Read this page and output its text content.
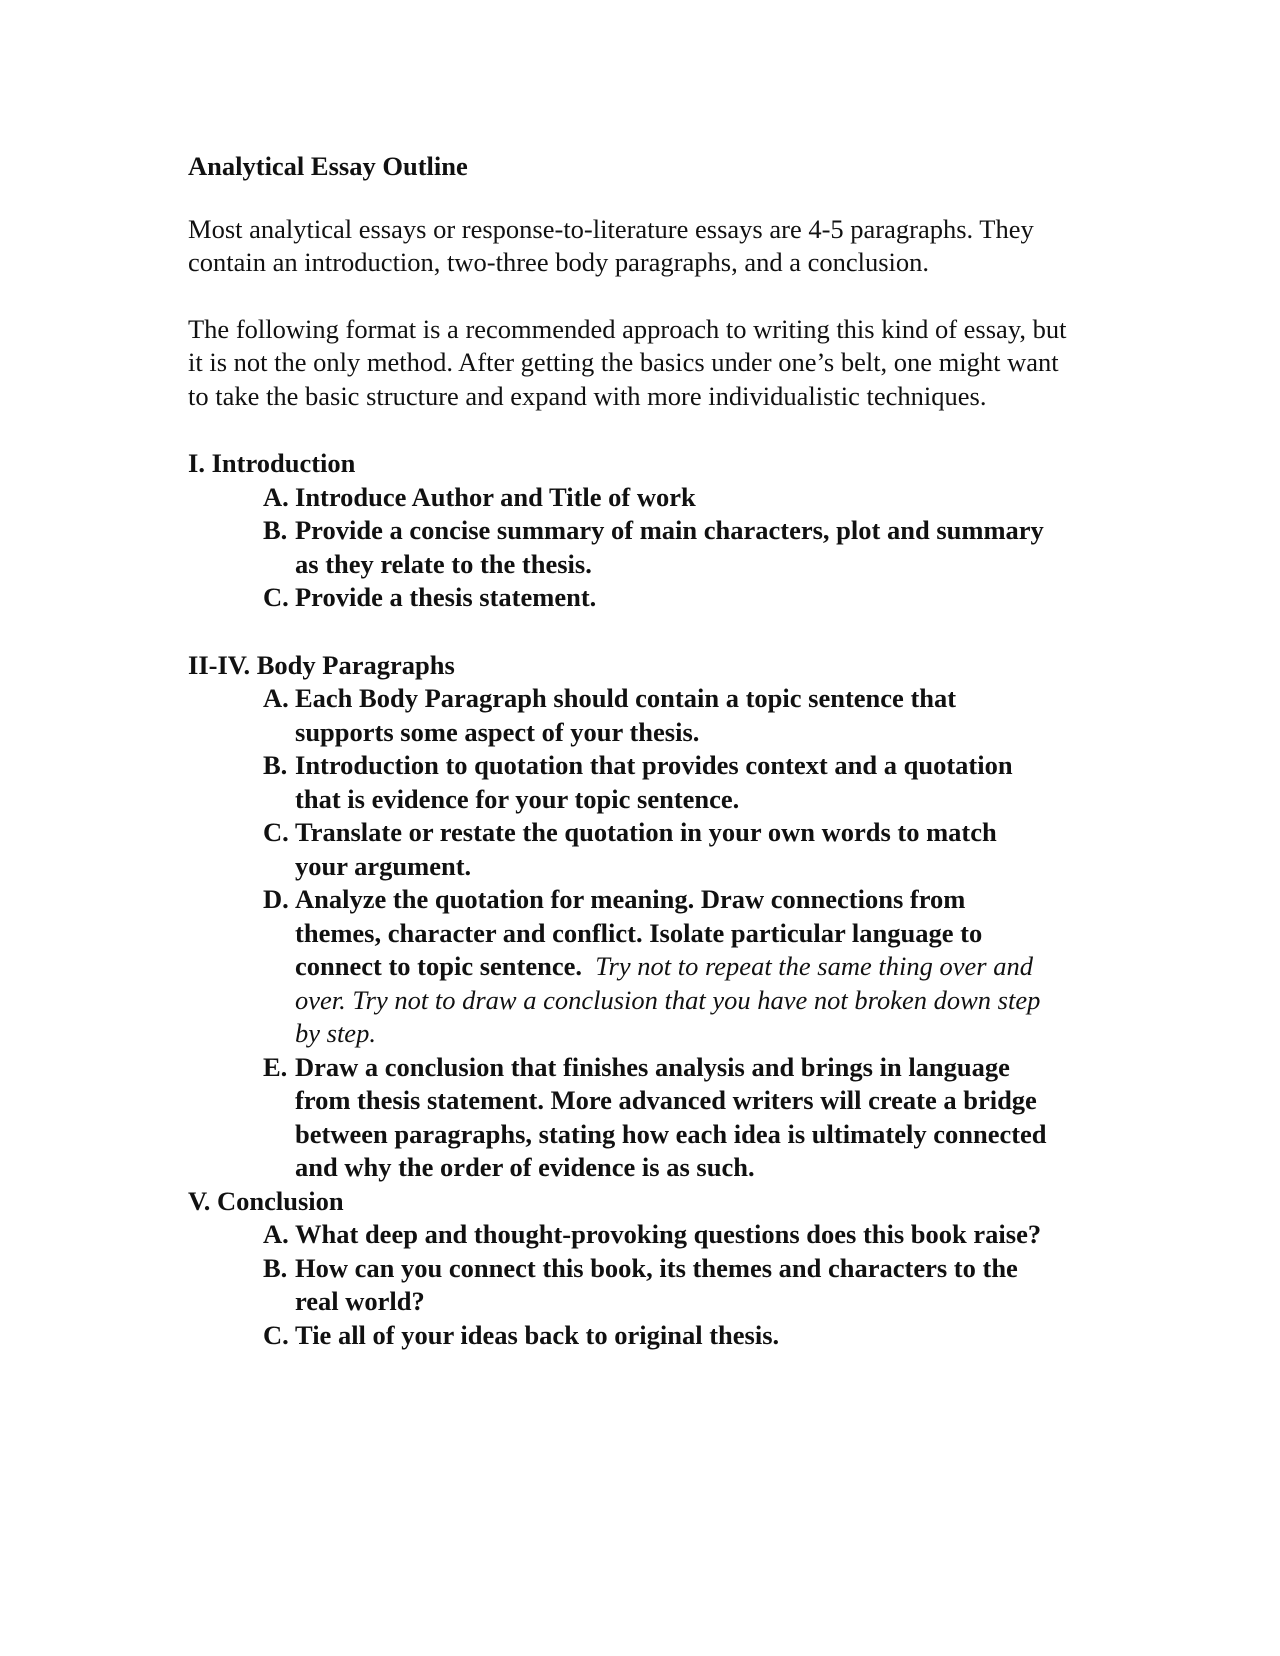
Analytical Essay Outline

Most analytical essays or response-to-literature essays are 4-5 paragraphs. They contain an introduction, two-three body paragraphs, and a conclusion.

The following format is a recommended approach to writing this kind of essay, but it is not the only method. After getting the basics under one’s belt, one might want to take the basic structure and expand with more individualistic techniques.

I. Introduction
A. Introduce Author and Title of work
B. Provide a concise summary of main characters, plot and summary as they relate to the thesis.
C. Provide a thesis statement.
II-IV. Body Paragraphs
A. Each Body Paragraph should contain a topic sentence that supports some aspect of your thesis.
B. Introduction to quotation that provides context and a quotation that is evidence for your topic sentence.
C. Translate or restate the quotation in your own words to match your argument.
D. Analyze the quotation for meaning. Draw connections from themes, character and conflict. Isolate particular language to connect to topic sentence. Try not to repeat the same thing over and over. Try not to draw a conclusion that you have not broken down step by step.
E. Draw a conclusion that finishes analysis and brings in language from thesis statement. More advanced writers will create a bridge between paragraphs, stating how each idea is ultimately connected and why the order of evidence is as such.
V. Conclusion
A. What deep and thought-provoking questions does this book raise?
B. How can you connect this book, its themes and characters to the real world?
C. Tie all of your ideas back to original thesis.
